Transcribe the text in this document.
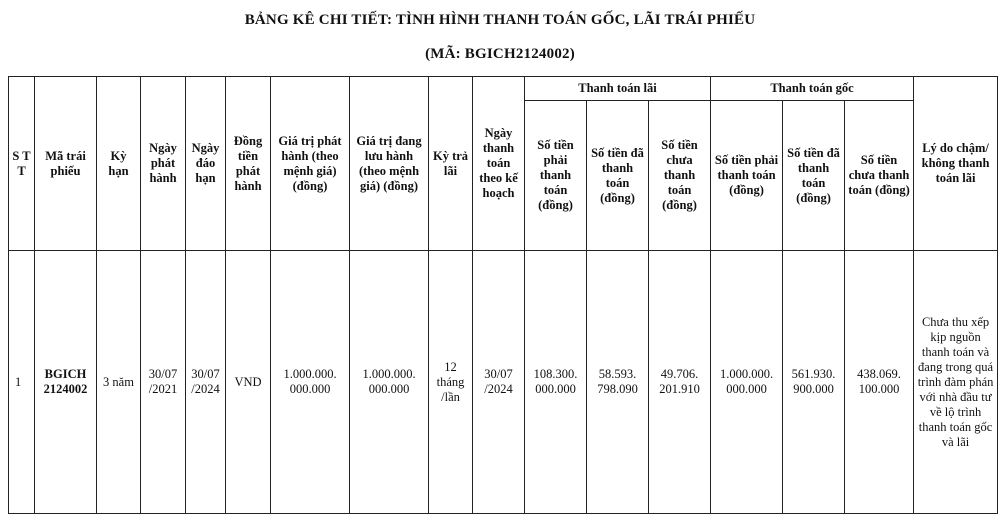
BẢNG KÊ CHI TIẾT: TÌNH HÌNH THANH TOÁN GỐC, LÃI TRÁI PHIẾU
(MÃ: BGICH2124002)
S T T	Mã trái phiếu	Kỳ hạn	Ngày phát hành	Ngày đáo hạn	Đồng tiền phát hành	Giá trị phát hành (theo mệnh giá) (đồng)	Giá trị đang lưu hành (theo mệnh giá) (đồng)	Kỳ trả lãi	Ngày thanh toán theo kế hoạch	Thanh toán lãi			Thanh toán gốc			Lý do chậm/ không thanh toán lãi
										Số tiền phải thanh toán (đồng)	Số tiền đã thanh toán (đồng)	Số tiền chưa thanh toán (đồng)	Số tiền phải thanh toán (đồng)	Số tiền đã thanh toán (đồng)	Số tiền chưa thanh toán (đồng)	
1	BGICH 2124002	3 năm	30/07 /2021	30/07 /2024	VND	1.000.000. 000.000	1.000.000. 000.000	12 tháng /lần	30/07 /2024	108.300. 000.000	58.593. 798.090	49.706. 201.910	1.000.000. 000.000	561.930. 900.000	438.069. 100.000	Chưa thu xếp kịp nguồn thanh toán và đang trong quá trình đàm phán với nhà đầu tư về lộ trình thanh toán gốc và lãi
